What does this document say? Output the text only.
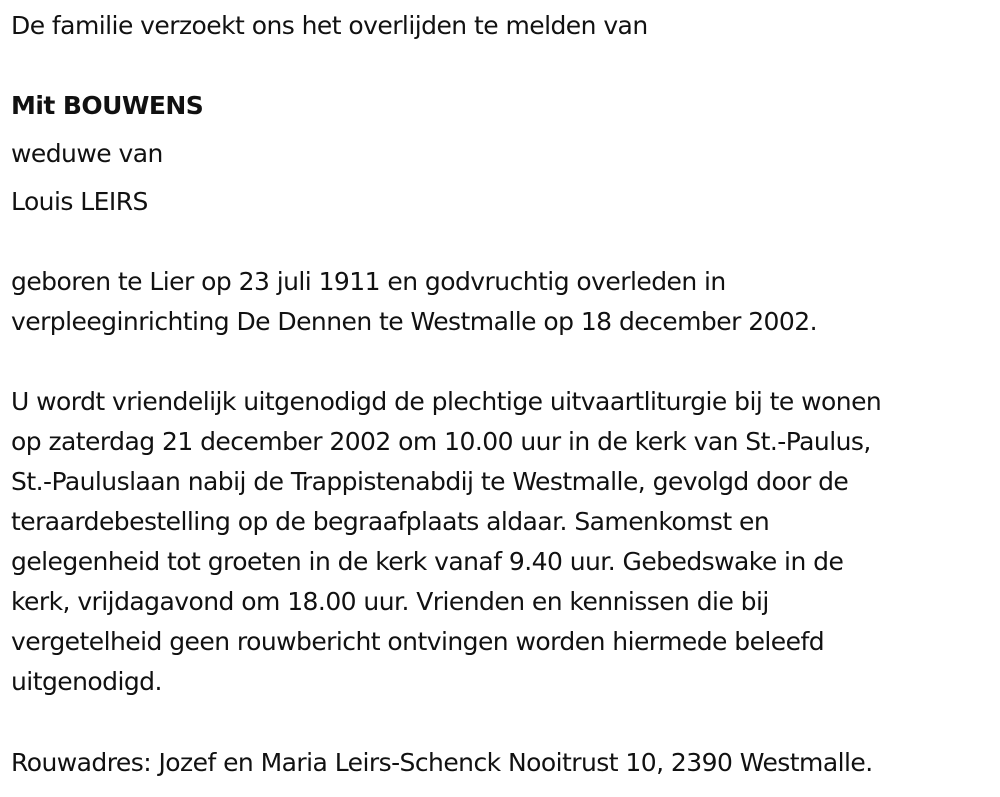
De familie verzoekt ons het overlijden te melden van
Mit BOUWENS
weduwe van
Louis LEIRS
geboren te Lier op 23 juli 1911 en godvruchtig overleden in
verpleeginrichting De Dennen te Westmalle op 18 december 2002.
U wordt vriendelijk uitgenodigd de plechtige uitvaartliturgie bij te wonen
op zaterdag 21 december 2002 om 10.00 uur in de kerk van St.-Paulus,
St.-Pauluslaan nabij de Trappistenabdij te Westmalle, gevolgd door de
teraardebestelling op de begraafplaats aldaar. Samenkomst en
gelegenheid tot groeten in de kerk vanaf 9.40 uur. Gebedswake in de
kerk, vrijdagavond om 18.00 uur. Vrienden en kennissen die bij
vergetelheid geen rouwbericht ontvingen worden hiermede beleefd
uitgenodigd.
Rouwadres: Jozef en Maria Leirs-Schenck Nooitrust 10, 2390 Westmalle.
